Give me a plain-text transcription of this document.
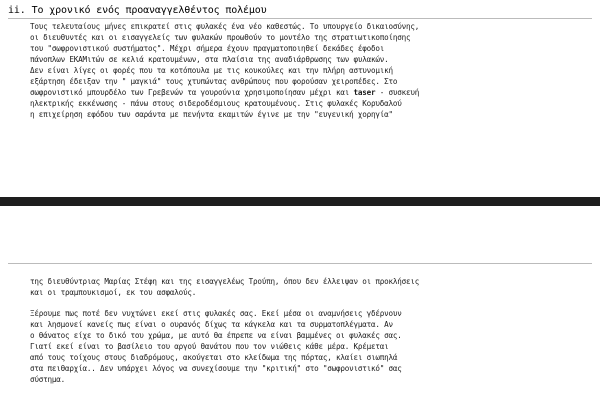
ii. Το χρονικό ενός προαναγγελθέντος πολέμου
Τους τελευταίους μήνες επικρατεί στις φυλακές ένα νέο καθεστώς. Το υπουργείο δικαιοσύνης,
οι διευθυντές και οι εισαγγελείς των φυλακών προωθούν το μοντέλο της στρατιωτικοποίησης
του "σωφρονιστικού συστήματος". Μέχρι σήμερα έχουν πραγματοποιηθεί δεκάδες έφοδοι
πάνοπλων ΕΚΑΜιτών σε κελιά κρατουμένων, στα πλαίσια της αναδιάρθρωσης των φυλακών.
Δεν είναι λίγες οι φορές που τα κοτόπουλα με τις κουκούλες και την πλήρη αστυνομική
εξάρτηση έδειξαν την " μαγκιά" τους χτυπώντας ανθρώπους που φορούσαν χειροπέδες. Στο
σωφρονιστικό μπουρδέλο των Γρεβενών τα γουρούνια χρησιμοποίησαν μέχρι και taser - συσκευή
ηλεκτρικής εκκένωσης - πάνω στους σιδεροδέσμιους κρατουμένους. Στις φυλακές Κορυδαλού
η επιχείρηση εφόδου των σαράντα με πενήντα εκαμιτών έγινε με την "ευγενική χορηγία"
της διευθύντριας Μαρίας Στέφη και της εισαγγελέως Τρούπη, όπου δεν έλλειψαν οι προκλήσεις
και οι τραμπουκισμοί, εκ του ασφαλούς.
Ξέρουμε πως ποτέ δεν νυχτώνει εκεί στις φυλακές σας. Εκεί μέσα οι αναμνήσεις γδέρνουν
και λησμονεί κανείς πως είναι ο ουρανός δίχως τα κάγκελα και τα συρματοπλέγματα. Αν
ο θάνατος είχε το δικό του χρώμα, με αυτό θα έπρεπε να είναι βαμμένες οι φυλακές σας.
Γιατί εκεί είναι το βασίλειο του αργού θανάτου που τον νιώθεις κάθε μέρα. Κρέμεται
από τους τοίχους στους διαδρόμους, ακούγεται στο κλείδωμα της πόρτας, κλαίει σιωπηλά
στα πειθαρχία.. Δεν υπάρχει λόγος να συνεχίσουμε την "κριτική" στο "σωφρονιστικό" σας
σύστημα.
